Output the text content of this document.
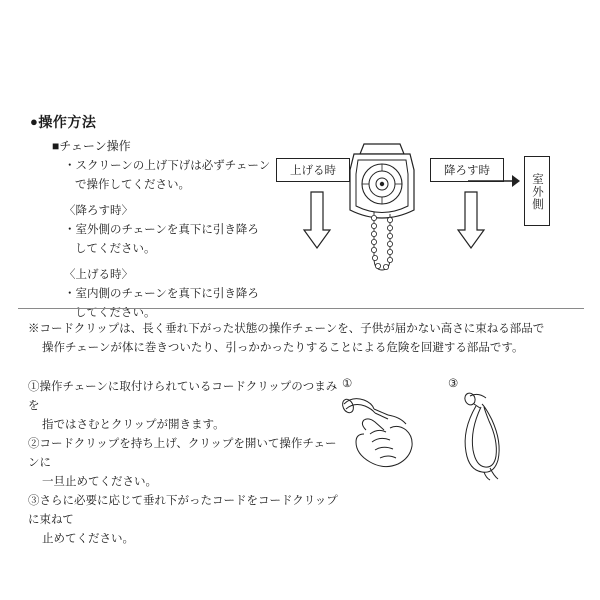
●操作方法
■チェーン操作
・スクリーンの上げ下げは必ずチェーン
で操作してください。
〈降ろす時〉
・室外側のチェーンを真下に引き降ろ
してください。
〈上げる時〉
・室内側のチェーンを真下に引き降ろ
してください。
上げる時	降ろす時
室外側
※コードクリップは、長く垂れ下がった状態の操作チェーンを、子供が届かない高さに束ねる部品で
操作チェーンが体に巻きついたり、引っかかったりすることによる危険を回避する部品です。
①操作チェーンに取付けられているコードクリップのつまみを
指ではさむとクリップが開きます。
②コードクリップを持ち上げ、クリップを開いて操作チェーンに
一旦止めてください。
③さらに必要に応じて垂れ下がったコードをコードクリップに束ねて
止めてください。
①	③
